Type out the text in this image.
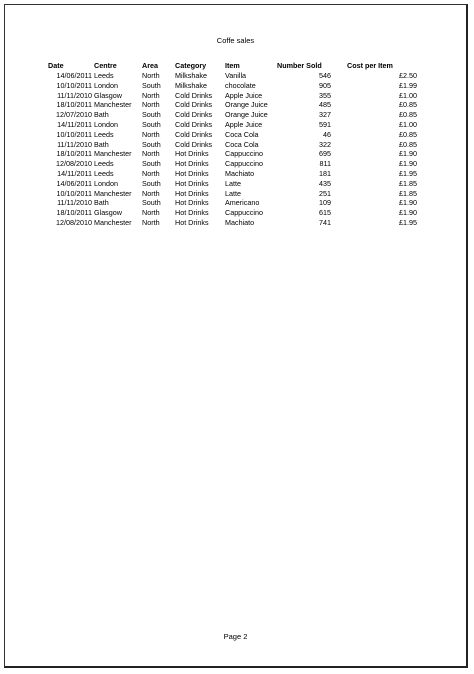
Coffe sales
Date	Centre	Area	Category	Item	Number Sold	Cost per Item
14/06/2011	Leeds	North	Milkshake	Vanilla	546	£2.50
10/10/2011	London	South	Milkshake	chocolate	905	£1.99
11/11/2010	Glasgow	North	Cold Drinks	Apple Juice	355	£1.00
18/10/2011	Manchester	North	Cold Drinks	Orange Juice	485	£0.85
12/07/2010	Bath	South	Cold Drinks	Orange Juice	327	£0.85
14/11/2011	London	South	Cold Drinks	Apple Juice	591	£1.00
10/10/2011	Leeds	North	Cold Drinks	Coca Cola	46	£0.85
11/11/2010	Bath	South	Cold Drinks	Coca Cola	322	£0.85
18/10/2011	Manchester	North	Hot Drinks	Cappuccino	695	£1.90
12/08/2010	Leeds	South	Hot Drinks	Cappuccino	811	£1.90
14/11/2011	Leeds	North	Hot Drinks	Machiato	181	£1.95
14/06/2011	London	South	Hot Drinks	Latte	435	£1.85
10/10/2011	Manchester	North	Hot Drinks	Latte	251	£1.85
11/11/2010	Bath	South	Hot Drinks	Americano	109	£1.90
18/10/2011	Glasgow	North	Hot Drinks	Cappuccino	615	£1.90
12/08/2010	Manchester	North	Hot Drinks	Machiato	741	£1.95
Page 2
